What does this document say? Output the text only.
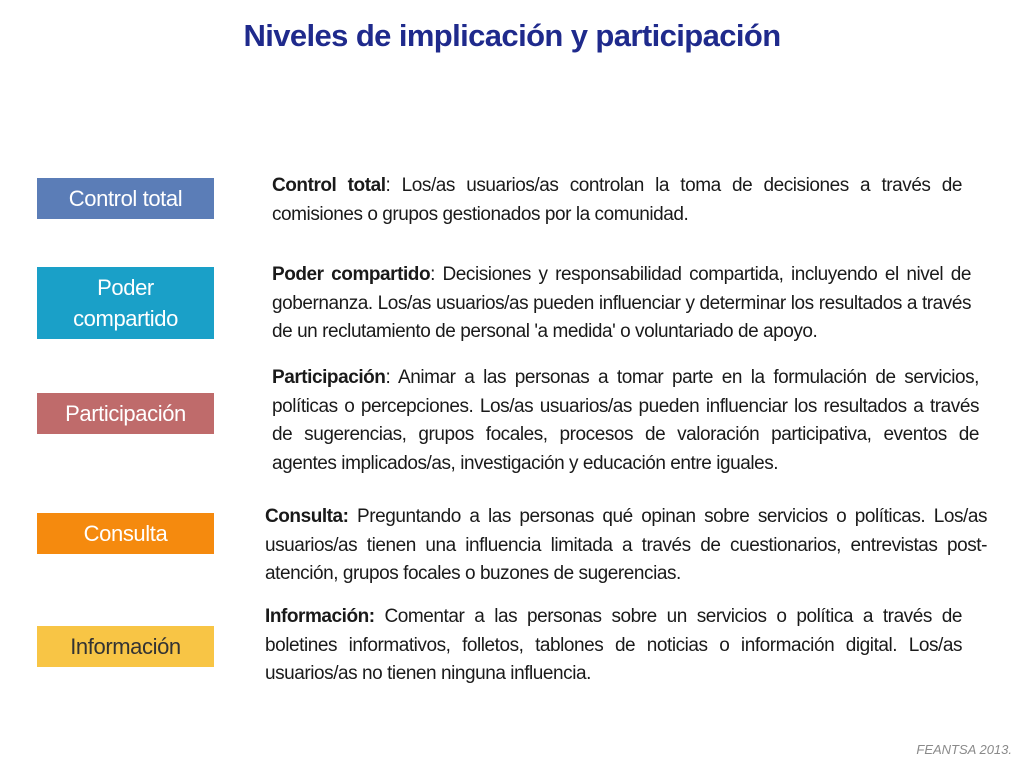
Niveles de implicación y participación
Control total
Poder
compartido
Participación
Consulta
Información
Control total: Los/as usuarios/as controlan la toma de decisiones a través de comisiones o grupos gestionados por la comunidad.
Poder compartido: Decisiones y responsabilidad compartida, incluyendo el nivel de gobernanza. Los/as usuarios/as pueden influenciar y determinar los resultados a través de un reclutamiento de personal 'a medida' o voluntariado de apoyo.
Participación: Animar a las personas a tomar parte en la formulación de servicios, políticas o percepciones. Los/as usuarios/as pueden influenciar los resultados a través de sugerencias, grupos focales, procesos de valoración participativa, eventos de agentes implicados/as, investigación y educación entre iguales.
Consulta: Preguntando a las personas qué opinan sobre servicios o políticas. Los/as usuarios/as tienen una influencia limitada a través de cuestionarios, entrevistas post-atención, grupos focales o buzones de sugerencias.
Información: Comentar a las personas sobre un servicios o política a través de boletines informativos, folletos, tablones de noticias o información digital. Los/as usuarios/as no tienen ninguna influencia.
FEANTSA 2013.
